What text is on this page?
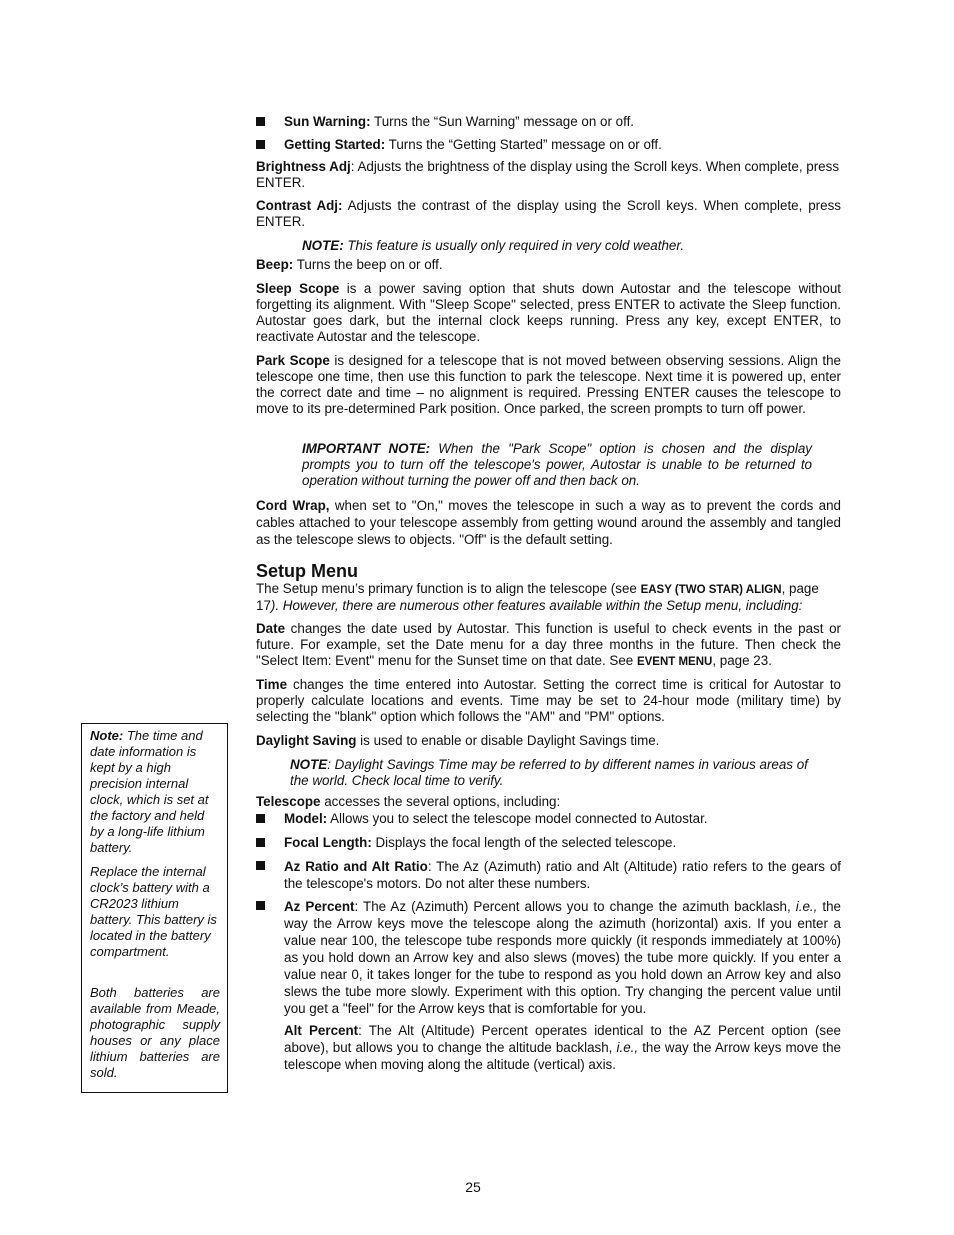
Sun Warning: Turns the “Sun Warning” message on or off.

Getting Started: Turns the “Getting Started” message on or off.

Brightness Adj: Adjusts the brightness of the display using the Scroll keys. When complete, press ENTER.

Contrast Adj: Adjusts the contrast of the display using the Scroll keys. When complete, press ENTER.

NOTE: This feature is usually only required in very cold weather.

Beep: Turns the beep on or off.

Sleep Scope is a power saving option that shuts down Autostar and the telescope without forgetting its alignment. With "Sleep Scope" selected, press ENTER to activate the Sleep function. Autostar goes dark, but the internal clock keeps running. Press any key, except ENTER, to reactivate Autostar and the telescope.

Park Scope is designed for a telescope that is not moved between observing sessions. Align the telescope one time, then use this function to park the telescope. Next time it is powered up, enter the correct date and time – no alignment is required. Pressing ENTER causes the telescope to move to its pre-determined Park position. Once parked, the screen prompts to turn off power.

IMPORTANT NOTE: When the "Park Scope" option is chosen and the display prompts you to turn off the telescope's power, Autostar is unable to be returned to operation without turning the power off and then back on.

Cord Wrap, when set to "On," moves the telescope in such a way as to prevent the cords and cables attached to your telescope assembly from getting wound around the assembly and tangled as the telescope slews to objects. "Off" is the default setting.

Setup Menu

The Setup menu’s primary function is to align the telescope (see EASY (TWO STAR) ALIGN, page 17). However, there are numerous other features available within the Setup menu, including:

Date changes the date used by Autostar. This function is useful to check events in the past or future. For example, set the Date menu for a day three months in the future. Then check the "Select Item: Event" menu for the Sunset time on that date. See EVENT MENU, page 23.

Time changes the time entered into Autostar. Setting the correct time is critical for Autostar to properly calculate locations and events. Time may be set to 24-hour mode (military time) by selecting the "blank" option which follows the "AM" and "PM" options.

Daylight Saving is used to enable or disable Daylight Savings time.

NOTE: Daylight Savings Time may be referred to by different names in various areas of the world. Check local time to verify.

Telescope accesses the several options, including:

Model: Allows you to select the telescope model connected to Autostar.

Focal Length: Displays the focal length of the selected telescope.

Az Ratio and Alt Ratio: The Az (Azimuth) ratio and Alt (Altitude) ratio refers to the gears of the telescope's motors. Do not alter these numbers.

Az Percent: The Az (Azimuth) Percent allows you to change the azimuth backlash, i.e., the way the Arrow keys move the telescope along the azimuth (horizontal) axis. If you enter a value near 100, the telescope tube responds more quickly (it responds immediately at 100%) as you hold down an Arrow key and also slews (moves) the tube more quickly. If you enter a value near 0, it takes longer for the tube to respond as you hold down an Arrow key and also slews the tube more slowly. Experiment with this option. Try changing the percent value until you get a "feel" for the Arrow keys that is comfortable for you.

Alt Percent: The Alt (Altitude) Percent operates identical to the AZ Percent option (see above), but allows you to change the altitude backlash, i.e., the way the Arrow keys move the telescope when moving along the altitude (vertical) axis.

Note: The time and date information is kept by a high precision internal clock, which is set at the factory and held by a long-life lithium battery.

Replace the internal clock’s battery with a CR2023 lithium battery. This battery is located in the battery compartment.

Both batteries are available from Meade, photographic supply houses or any place lithium batteries are sold.

25
